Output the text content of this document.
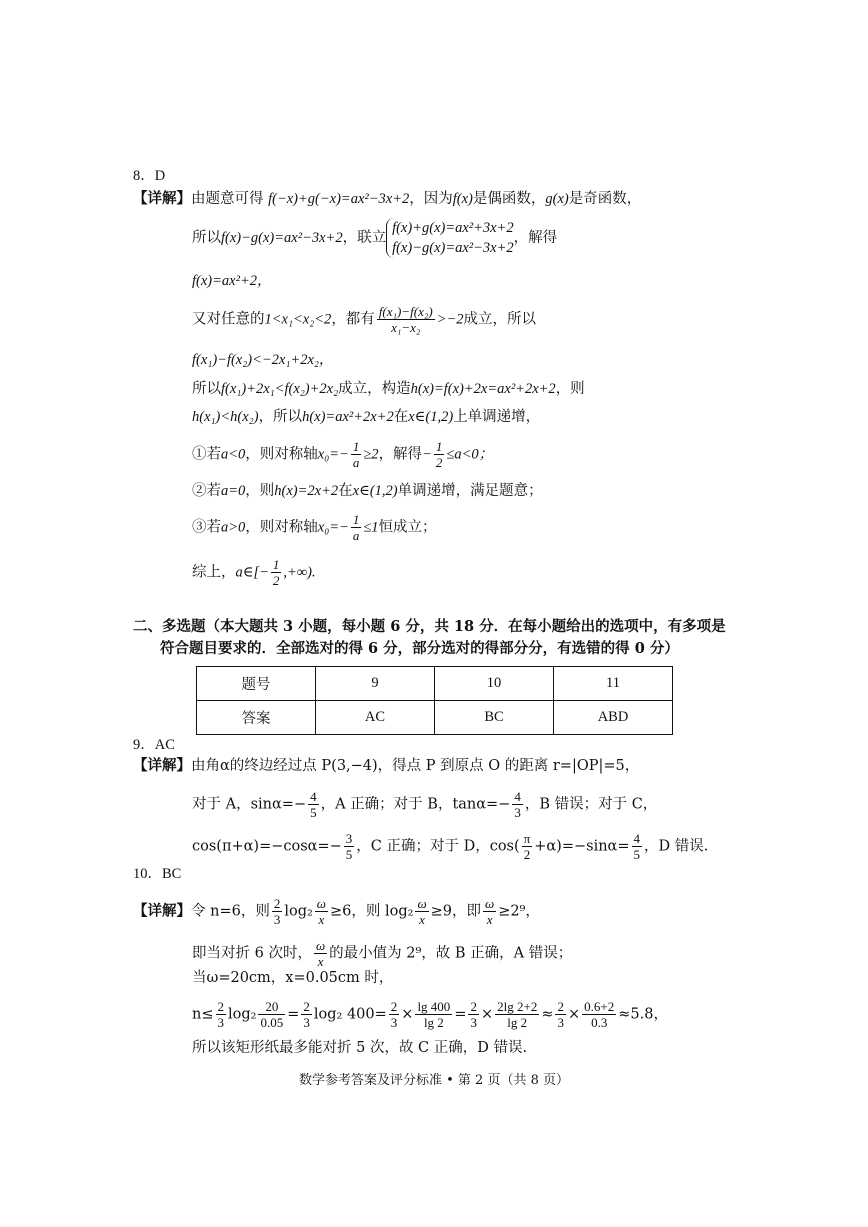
8．D
【详解】由题意可得 f(−x)+g(−x)=ax²−3x+2，因为f(x)是偶函数，g(x)是奇函数，
所以f(x)−g(x)=ax²−3x+2，联立
f(x)+g(x)=ax²+3x+2
f(x)−g(x)=ax²−3x+2
，解得
f(x)=ax²+2，
又对任意的1<x₁<x₂<2，都有 $\frac{\text{f(x₁)−f(x₂)}}{\text{x₁−x₂}} >-2$成立，所以
f(x₁)−f(x₂)<−2x₁+2x₂，
所以f(x₁)+2x₁<f(x₂)+2x₂成立，构造h(x)=f(x)+2x=ax²+2x+2，则
h(x₁)<h(x₂)，所以h(x)=ax²+2x+2在x∈(1,2)上单调递增，
①若a<0，则对称轴$x_0=- \frac{1}{a} \ge 2$，解得− $\frac{1}{2} \le a<0$；
②若a=0，则h(x)=2x+2在x∈(1,2)单调递增，满足题意；
③若a>0，则对称轴$x_0=- \frac{1}{a} \le 1$恒成立；
综上，a∈[− $\frac{1}{2}$ ,+∞).
二、多选题（本大题共 3 小题，每小题 6 分，共 18 分．在每小题给出的选项中，有多项是
符合题目要求的．全部选对的得 6 分，部分选对的得部分分，有选错的得 0 分）
题号	9	10	11
答案	AC	BC	ABD
9．AC
【详解】由角α的终边经过点 P(3,−4)，得点 P 到原点 O 的距离 r=|OP|=5，
对于 A，$\sin\alpha=- \frac{4}{5}$ ，A 正确；对于 B，$\tan\alpha=- \frac{4}{3}$ ，B 错误；对于 C，
$\cos(\pi+\alpha)=-\cos\alpha=- \frac{3}{5}$ ，C 正确；对于 D，$\cos( \frac{\pi}{2} +\alpha)=-\sin\alpha= \frac{4}{5}$ ，D 错误.
10．BC
【详解】令 n=6，则 $\frac{2}{3} \log_2 \frac{\omega}{x} \ge 6$，则 $\log_2 \frac{\omega}{x} \ge 9$，即 $\frac{\omega}{x} \ge 2^9$，
即当对折 6 次时， $\frac{\omega}{x}$ 的最小值为 2⁹，故 B 正确，A 错误；
当ω=20cm，x=0.05cm 时，
$n\le \frac{2}{3} \log_2 \frac{20}{0.05} = \frac{2}{3} \log_2$ $400= \frac{2}{3} \times \frac{\lg 400}{\lg 2} = \frac{2}{3} \times \frac{2\lg 2+2}{\lg 2} \approx \frac{2}{3} \times \frac{0.6+2}{0.3} \approx 5.8$，
所以该矩形纸最多能对折 5 次，故 C 正确，D 错误.
数学参考答案及评分标准 • 第 2 页（共 8 页）
